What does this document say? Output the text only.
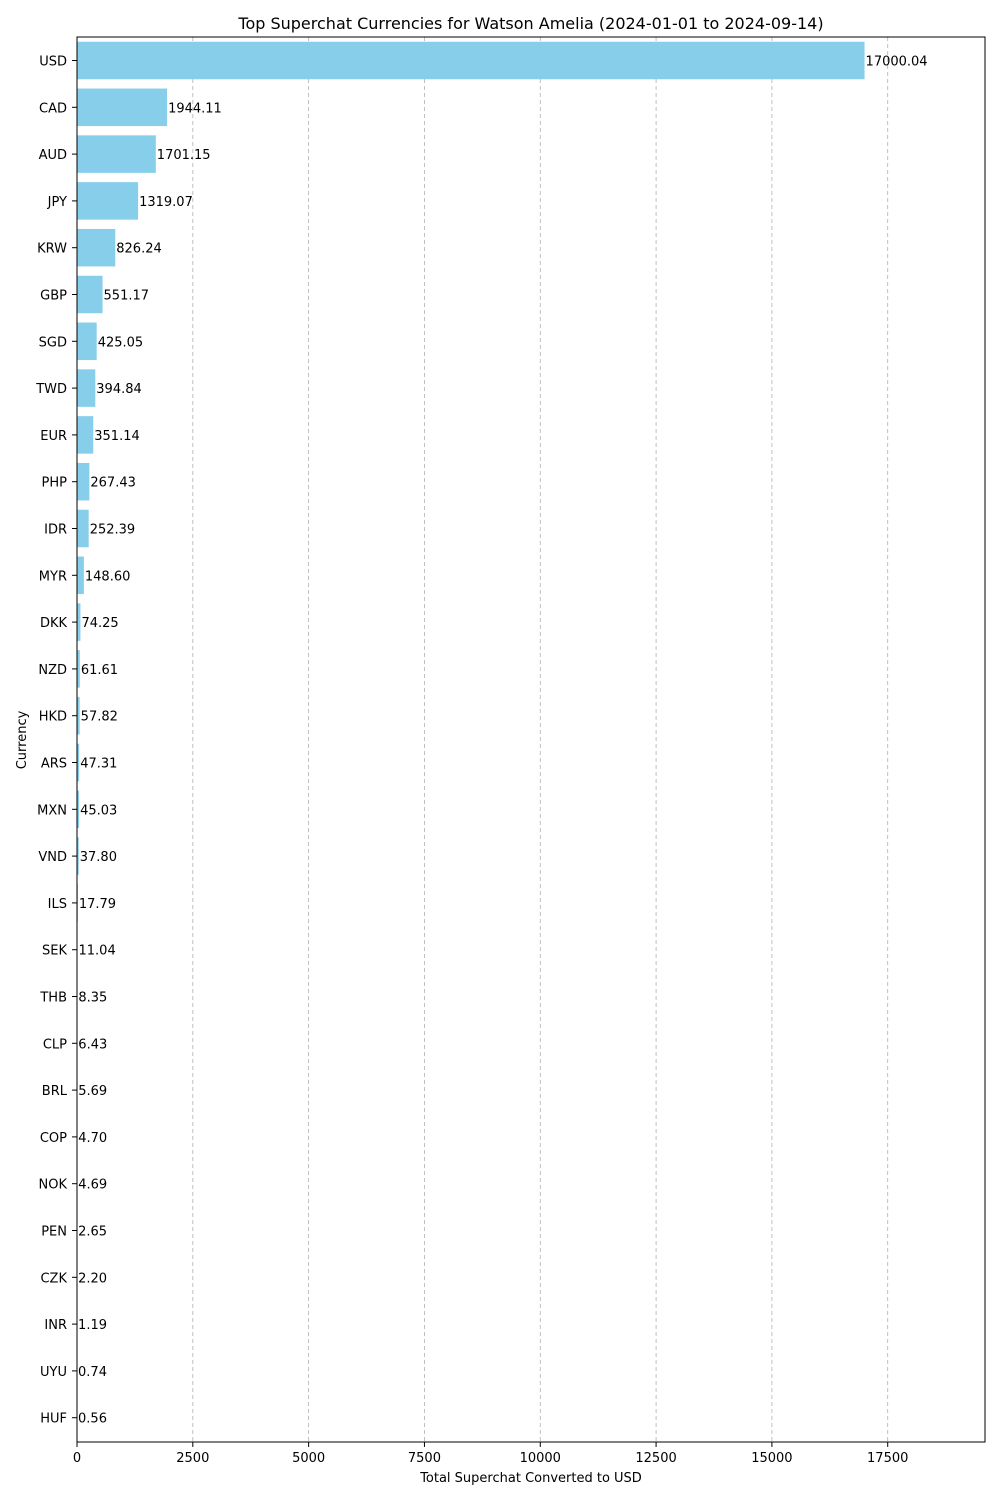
Top Superchat Currencies for Watson Amelia (2024-01-01 to 2024-09-14)
17000.04
1944.11
1701.15
1319.07
826.24
551.17
425.05
394.84
351.14
267.43
252.39
148.60
74.25
61.61
57.82
47.31
45.03
37.80
17.79
11.04
8.35
6.43
5.69
4.70
4.69
2.65
2.20
1.19
0.74
0.56
0	2500	5000	7500	10000	12500	15000	17500
USD
CAD
AUD
JPY
KRW
GBP
SGD
TWD
EUR
PHP
IDR
MYR
DKK
NZD
HKD
ARS
MXN
VND
ILS
SEK
THB
CLP
BRL
COP
NOK
PEN
CZK
INR
UYU
HUF
Total Superchat Converted to USD
Currency
